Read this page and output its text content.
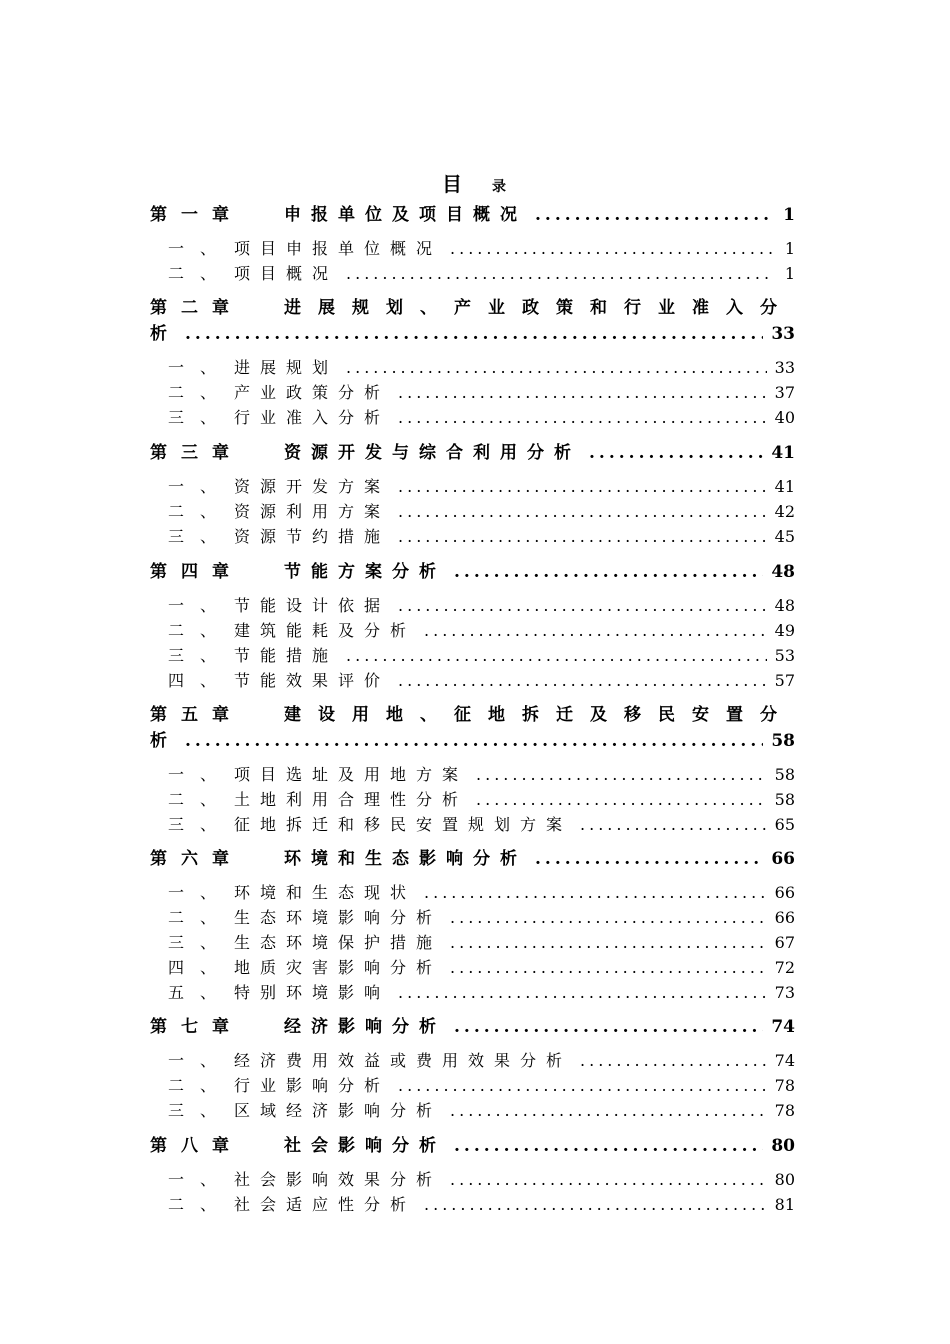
目 录
第一章	申报单位及项目概况 .....	1
一、 项目申报单位概况 .....	1
二、 项目概况 .....	1
第二章	进展规划、产业政策和行业准入分
析 .....	33
一、 进展规划 .....	33
二、 产业政策分析 .....	37
三、 行业准入分析 .....	40
第三章	资源开发与综合利用分析 .....	41
一、 资源开发方案 .....	41
二、 资源利用方案 .....	42
三、 资源节约措施 .....	45
第四章	节能方案分析 .....	48
一、 节能设计依据 .....	48
二、 建筑能耗及分析 .....	49
三、 节能措施 .....	53
四、 节能效果评价 .....	57
第五章	建设用地、征地拆迁及移民安置分
析 .....	58
一、 项目选址及用地方案 .....	58
二、 土地利用合理性分析 .....	58
三、 征地拆迁和移民安置规划方案 .....	65
第六章	环境和生态影响分析 .....	66
一、 环境和生态现状 .....	66
二、 生态环境影响分析 .....	66
三、 生态环境保护措施 .....	67
四、 地质灾害影响分析 .....	72
五、 特别环境影响 .....	73
第七章	经济影响分析 .....	74
一、 经济费用效益或费用效果分析 .....	74
二、 行业影响分析 .....	78
三、 区域经济影响分析 .....	78
第八章	社会影响分析 .....	80
一、 社会影响效果分析 .....	80
二、 社会适应性分析 .....	81
